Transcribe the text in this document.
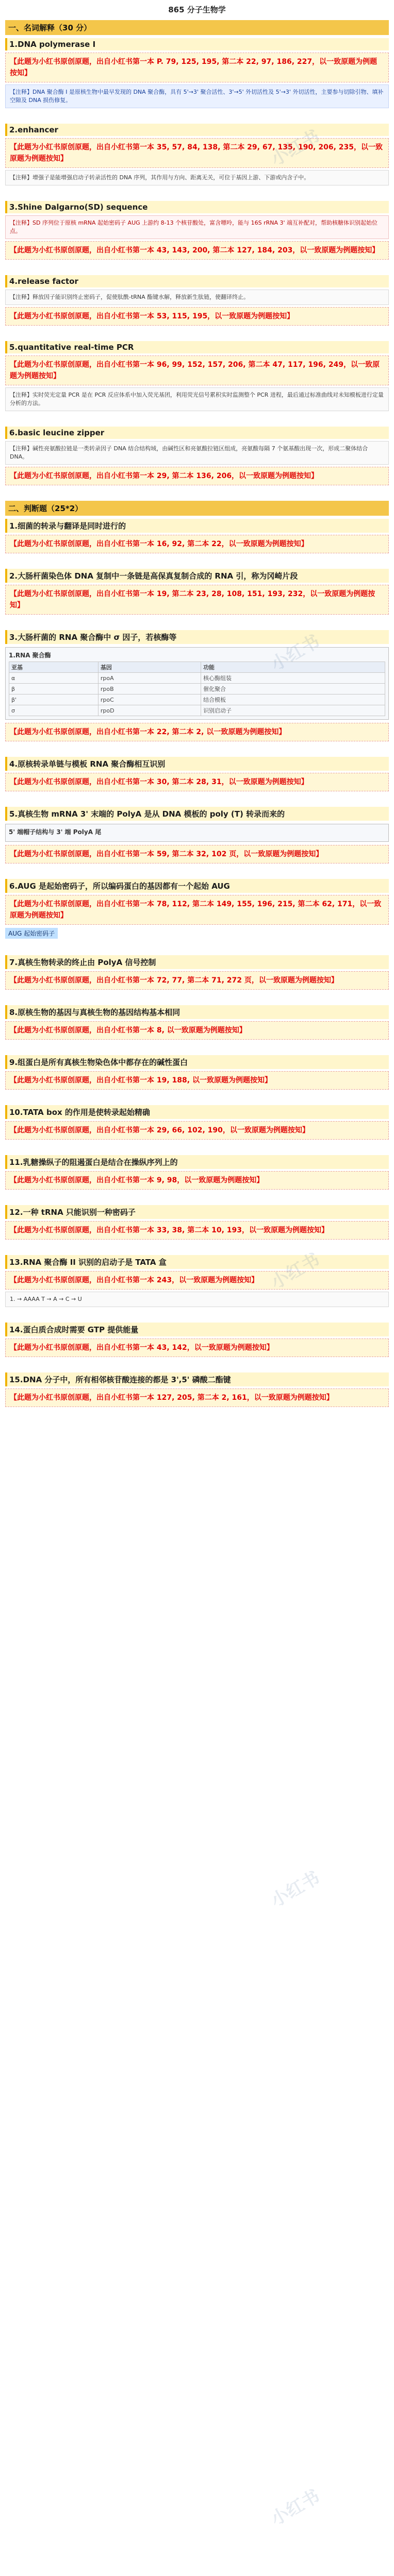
小红书
小红书
865 分子生物学
一、名词解释（30 分）
1.DNA polymerase Ⅰ
【此题为小红书原创原题，出自小红书第一本 P. 79, 125, 195, 第二本 22, 97, 186, 227，以一致原题为例题按知】
【注释】DNA 聚合酶 I 是原核生物中最早发现的 DNA 聚合酶，具有 5'→3' 聚合活性、3'→5' 外切活性及 5'→3' 外切活性，主要参与切除引物、填补空隙及 DNA 损伤修复。
2.enhancer
【此题为小红书原创原题，出自小红书第一本 35, 57, 84, 138, 第二本 29, 67, 135, 190, 206, 235，以一致原题为例题按知】
【注释】增强子是能增强启动子转录活性的 DNA 序列，其作用与方向、距离无关，可位于基因上游、下游或内含子中。
3.Shine Dalgarno(SD) sequence
【注释】SD 序列位于原核 mRNA 起始密码子 AUG 上游约 8-13 个核苷酸处，富含嘌呤，能与 16S rRNA 3' 端互补配对，帮助核糖体识别起始位点。
【此题为小红书原创原题，出自小红书第一本 43, 143, 200, 第二本 127, 184, 203，以一致原题为例题按知】
4.release factor
【注释】释放因子能识别终止密码子，促使肽酰-tRNA 酯键水解，释放新生肽链，使翻译终止。
【此题为小红书原创原题，出自小红书第一本 53, 115, 195，以一致原题为例题按知】
5.quantitative real-time PCR
【此题为小红书原创原题，出自小红书第一本 96, 99, 152, 157, 206, 第二本 47, 117, 196, 249，以一致原题为例题按知】
【注释】实时荧光定量 PCR 是在 PCR 反应体系中加入荧光基团，利用荧光信号累积实时监测整个 PCR 进程，最后通过标准曲线对未知模板进行定量分析的方法。
6.basic leucine zipper
【注释】碱性亮氨酸拉链是一类转录因子 DNA 结合结构域，由碱性区和亮氨酸拉链区组成，亮氨酸每隔 7 个氨基酸出现一次，形成二聚体结合 DNA。
【此题为小红书原创原题，出自小红书第一本 29, 第二本 136, 206，以一致原题为例题按知】
二、判断题（25*2）
1.细菌的转录与翻译是同时进行的
【此题为小红书原创原题，出自小红书第一本 16, 92, 第二本 22，以一致原题为例题按知】
2.大肠杆菌染色体 DNA 复制中一条链是高保真复制合成的 RNA 引，称为冈崎片段
【此题为小红书原创原题，出自小红书第一本 19, 第二本 23, 28, 108, 151, 193, 232，以一致原题为例题按知】
3.大肠杆菌的 RNA 聚合酶中 σ 因子，若核酶等
1.RNA 聚合酶
亚基	基因	功能
α	rpoA	核心酶组装
β	rpoB	催化聚合
β'	rpoC	结合模板
σ	rpoD	识别启动子
【此题为小红书原创原题，出自小红书第一本 22, 第二本 2, 以一致原题为例题按知】
4.原核转录单链与模板 RNA 聚合酶相互识别
【此题为小红书原创原题，出自小红书第一本 30, 第二本 28, 31，以一致原题为例题按知】
5.真核生物 mRNA 3' 末端的 PolyA 是从 DNA 模板的 poly (T) 转录而来的
5' 端帽子结构与 3' 端 PolyA 尾
【此题为小红书原创原题，出自小红书第一本 59, 第二本 32, 102 页，以一致原题为例题按知】
6.AUG 是起始密码子，所以编码蛋白的基因都有一个起始 AUG
【此题为小红书原创原题，出自小红书第一本 78, 112, 第二本 149, 155, 196, 215, 第二本 62, 171，以一致原题为例题按知】
AUG 起始密码子
7.真核生物转录的终止由 PolyA 信号控制
【此题为小红书原创原题，出自小红书第一本 72, 77, 第二本 71, 272 页，以一致原题为例题按知】
8.原核生物的基因与真核生物的基因结构基本相同
【此题为小红书原创原题，出自小红书第一本 8, 以一致原题为例题按知】
9.组蛋白是所有真核生物染色体中都存在的碱性蛋白
【此题为小红书原创原题，出自小红书第一本 19, 188, 以一致原题为例题按知】
10.TATA box 的作用是使转录起始精确
【此题为小红书原创原题，出自小红书第一本 29, 66, 102, 190，以一致原题为例题按知】
11.乳糖操纵子的阻遏蛋白是结合在操纵序列上的
【此题为小红书原创原题，出自小红书第一本 9, 98，以一致原题为例题按知】
12.一种 tRNA 只能识别一种密码子
【此题为小红书原创原题，出自小红书第一本 33, 38, 第二本 10, 193，以一致原题为例题按知】
13.RNA 聚合酶 II 识别的启动子是 TATA 盒
【此题为小红书原创原题，出自小红书第一本 243，以一致原题为例题按知】
1. → AAAA T → A → C → U
14.蛋白质合成时需要 GTP 提供能量
【此题为小红书原创原题，出自小红书第一本 43, 142，以一致原题为例题按知】
15.DNA 分子中，所有相邻核苷酸连接的都是 3',5' 磷酸二酯键
【此题为小红书原创原题，出自小红书第一本 127, 205, 第二本 2, 161，以一致原题为例题按知】
